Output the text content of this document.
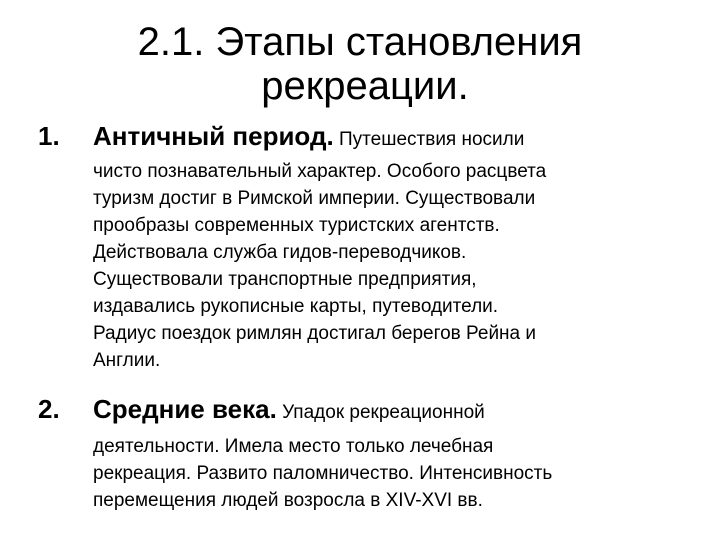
2.1. Этапы становления
рекреации.
1. Античный период. Путешествия носили
чисто познавательный характер. Особого расцвета
туризм достиг в Римской империи. Существовали
прообразы современных туристских агентств.
Действовала служба гидов-переводчиков.
Существовали транспортные предприятия,
издавались рукописные карты, путеводители.
Радиус поездок римлян достигал берегов Рейна и
Англии.
2. Средние века. Упадок рекреационной
деятельности. Имела место только лечебная
рекреация. Развито паломничество. Интенсивность
перемещения людей возросла в XIV-XVI вв.
